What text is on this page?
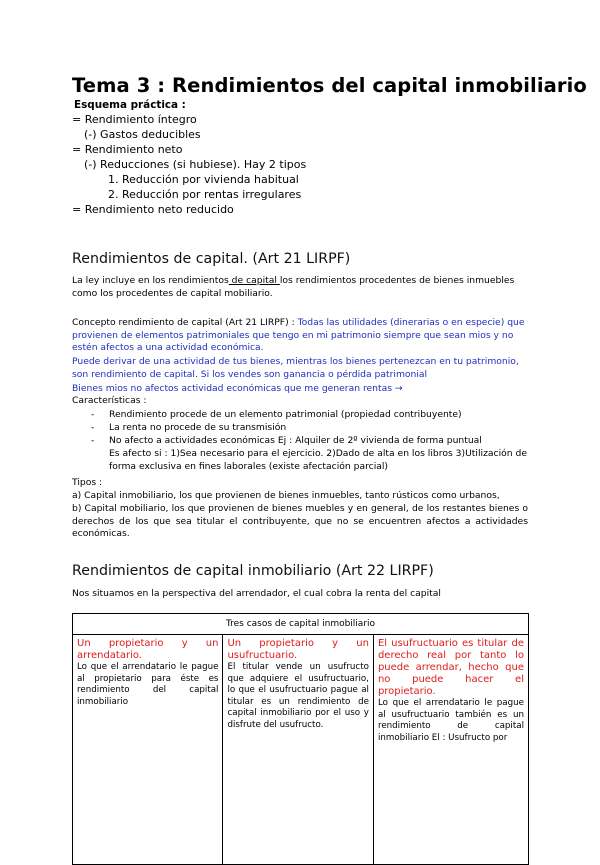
Tema 3 : Rendimientos del capital inmobiliario
Esquema práctica :
= Rendimiento íntegro
(-) Gastos deducibles
= Rendimiento neto
(-) Reducciones (si hubiese). Hay 2 tipos
1. Reducción por vivienda habitual
2. Reducción por rentas irregulares
= Rendimiento neto reducido
Rendimientos de capital. (Art 21 LIRPF)
La ley incluye en los rendimientos de capital los rendimientos procedentes de bienes inmuebles como los procedentes de capital mobiliario.
Concepto rendimiento de capital (Art 21 LIRPF) : Todas las utilidades (dinerarias o en especie) que provienen de elementos patrimoniales que tengo en mi patrimonio siempre que sean mios y no estén afectos a una actividad económica.
Puede derivar de una actividad de tus bienes, mientras los bienes pertenezcan en tu patrimonio, son rendimiento de capital. Si los vendes son ganancia o pérdida patrimonial
Bienes mios no afectos actividad económicas que me generan rentas →
Características :
- Rendimiento procede de un elemento patrimonial (propiedad contribuyente)
- La renta no procede de su transmisión
- No afecto a actividades económicas Ej : Alquiler de 2º vivienda de forma puntual
Es afecto si : 1)Sea necesario para el ejercicio. 2)Dado de alta en los libros 3)Utilización de forma exclusiva en fines laborales (existe afectación parcial)
Tipos :
a) Capital inmobiliario, los que provienen de bienes inmuebles, tanto rústicos como urbanos,
b) Capital mobiliario, los que provienen de bienes muebles y en general, de los restantes bienes o derechos de los que sea titular el contribuyente, que no se encuentren afectos a actividades económicas.
Rendimientos de capital inmobiliario (Art 22 LIRPF)
Nos situamos en la perspectiva del arrendador, el cual cobra la renta del capital
Tres casos de capital inmobiliario

Un propietario y un arrendatario.
Lo que el arrendatario le pague al propietario para éste es rendimiento del capital inmobiliario

Un propietario y un usufructuario.
El titular vende un usufructo que adquiere el usufructuario, lo que el usufructuario pague al titular es un rendimiento de capital inmobiliario por el uso y disfrute del usufructo.

El usufructuario es titular de derecho real por tanto lo puede arrendar, hecho que no puede hacer el propietario.
Lo que el arrendatario le pague al usufructuario también es un rendimiento de capital inmobiliario El : Usufructo por
